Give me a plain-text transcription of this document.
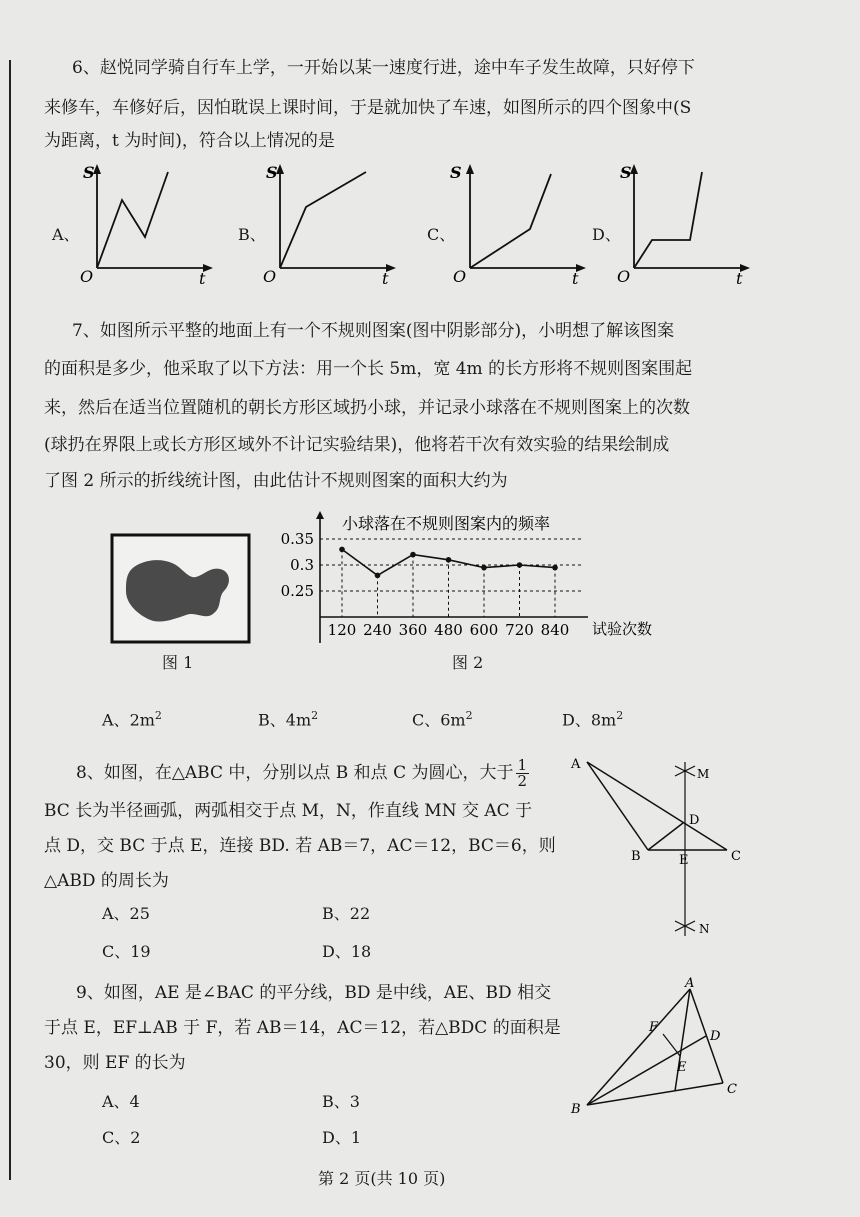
6、赵悦同学骑自行车上学，一开始以某一速度行进，途中车子发生故障，只好停下
来修车，车修好后，因怕耽误上课时间，于是就加快了车速，如图所示的四个图象中(S
为距离，t 为时间)，符合以上情况的是
A、
S
O	t
B、
S
O	t
C、
S
O	t
D、
S
O	t
7、如图所示平整的地面上有一个不规则图案(图中阴影部分)，小明想了解该图案
的面积是多少，他采取了以下方法：用一个长 5m，宽 4m 的长方形将不规则图案围起
来，然后在适当位置随机的朝长方形区域扔小球，并记录小球落在不规则图案上的次数
(球扔在界限上或长方形区域外不计记实验结果)，他将若干次有效实验的结果绘制成
了图 2 所示的折线统计图，由此估计不规则图案的面积大约为
图 1
小球落在不规则图案内的频率
0.35
0.3
0.25
120 240 360 480 600 720 840 试验次数
图 2
A、$2m^2$	B、$4m^2$	C、$6m^2$	D、$8m^2$
8、如图，在△ABC 中，分别以点 B 和点 C 为圆心，大于 $\frac{1}{2}$
BC 长为半径画弧，两弧相交于点 M，N，作直线 MN 交 AC 于
点 D，交 BC 于点 E，连接 BD. 若 AB＝7，AC＝12，BC＝6，则
△ABD 的周长为
A、25	B、22
C、19	D、18
A
M
D
B	E	C
N
9、如图，AE 是∠BAC 的平分线，BD 是中线，AE、BD 相交
于点 E，EF⊥AB 于 F，若 AB＝14，AC＝12，若△BDC 的面积是
30，则 EF 的长为
A、4	B、3
C、2	D、1
A
F
D
E
B
C
第 2 页(共 10 页)
